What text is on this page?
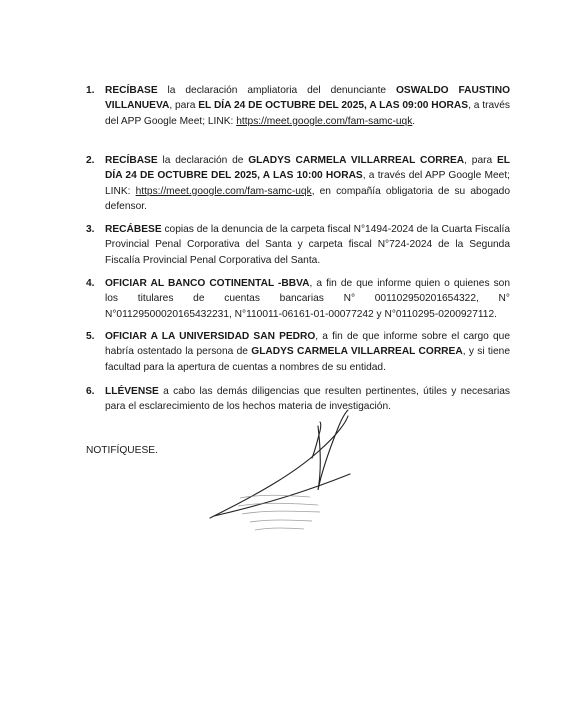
1. RECÍBASE la declaración ampliatoria del denunciante OSWALDO FAUSTINO VILLANUEVA, para EL DÍA 24 DE OCTUBRE DEL 2025, A LAS 09:00 HORAS, a través del APP Google Meet; LINK: https://meet.google.com/fam-samc-uqk.
2. RECÍBASE la declaración de GLADYS CARMELA VILLARREAL CORREA, para EL DÍA 24 DE OCTUBRE DEL 2025, A LAS 10:00 HORAS, a través del APP Google Meet; LINK: https://meet.google.com/fam-samc-uqk, en compañía obligatoria de su abogado defensor.
3. RECÁBESE copias de la denuncia de la carpeta fiscal N°1494-2024 de la Cuarta Fiscalía Provincial Penal Corporativa del Santa y carpeta fiscal N°724-2024 de la Segunda Fiscalía Provincial Penal Corporativa del Santa.
4. OFICIAR AL BANCO COTINENTAL -BBVA, a fin de que informe quien o quienes son los titulares de cuentas bancarias N° 001102950201654322, N° N°01129500020165432231, N°110011-06161-01-00077242 y N°0110295-0200927112.
5. OFICIAR A LA UNIVERSIDAD SAN PEDRO, a fin de que informe sobre el cargo que habría ostentado la persona de GLADYS CARMELA VILLARREAL CORREA, y si tiene facultad para la apertura de cuentas a nombres de su entidad.
6. LLÉVENSE a cabo las demás diligencias que resulten pertinentes, útiles y necesarias para el esclarecimiento de los hechos materia de investigación.
NOTIFÍQUESE.
